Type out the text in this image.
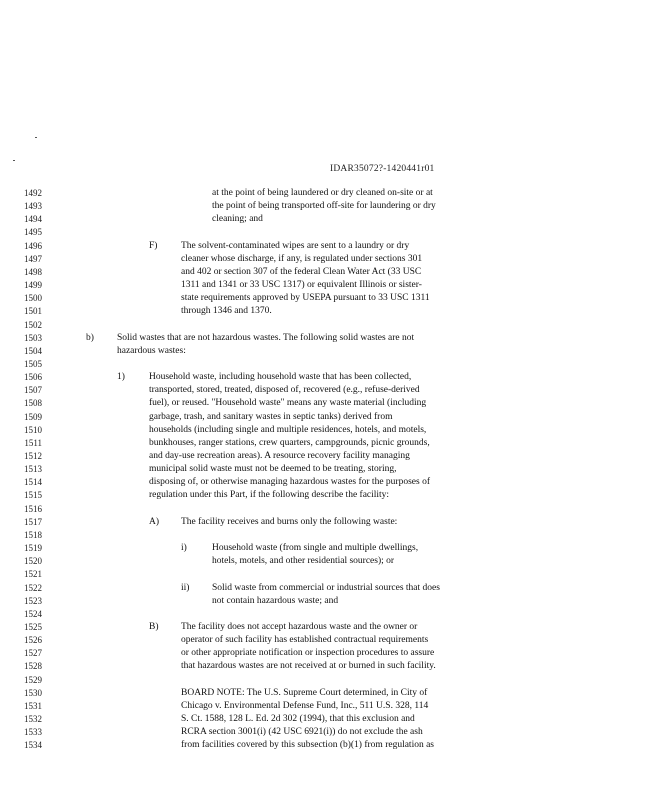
IDAR35072?-1420441r01
1492	at the point of being laundered or dry cleaned on-site or at
1493	the point of being transported off-site for laundering or dry
1494	cleaning; and
1495
1496	F) The solvent-contaminated wipes are sent to a laundry or dry
1497	cleaner whose discharge, if any, is regulated under sections 301
1498	and 402 or section 307 of the federal Clean Water Act (33 USC
1499	1311 and 1341 or 33 USC 1317) or equivalent Illinois or sister-
1500	state requirements approved by USEPA pursuant to 33 USC 1311
1501	through 1346 and 1370.
1502
1503	b) Solid wastes that are not hazardous wastes. The following solid wastes are not
1504	hazardous wastes:
1505
1506	1)	Household waste, including household waste that has been collected,
1507	transported, stored, treated, disposed of, recovered (e.g., refuse-derived
1508	fuel), or reused. "Household waste" means any waste material (including
1509	garbage, trash, and sanitary wastes in septic tanks) derived from
1510	households (including single and multiple residences, hotels, and motels,
1511	bunkhouses, ranger stations, crew quarters, campgrounds, picnic grounds,
1512	and day-use recreation areas). A resource recovery facility managing
1513	municipal solid waste must not be deemed to be treating, storing,
1514	disposing of, or otherwise managing hazardous wastes for the purposes of
1515	regulation under this Part, if the following describe the facility:
1516
1517	A) The facility receives and burns only the following waste:
1518
1519	i)	Household waste (from single and multiple dwellings,
1520	hotels, motels, and other residential sources); or
1521
1522	ii) Solid waste from commercial or industrial sources that does
1523	not contain hazardous waste; and
1524
1525	B) The facility does not accept hazardous waste and the owner or
1526	operator of such facility has established contractual requirements
1527	or other appropriate notification or inspection procedures to assure
1528	that hazardous wastes are not received at or burned in such facility.
1529
1530	BOARD NOTE: The U.S. Supreme Court determined, in City of
1531	Chicago v. Environmental Defense Fund, Inc., 511 U.S. 328, 114
1532	S. Ct. 1588, 128 L. Ed. 2d 302 (1994), that this exclusion and
1533	RCRA section 3001(i) (42 USC 6921(i)) do not exclude the ash
1534	from facilities covered by this subsection (b)(1) from regulation as
